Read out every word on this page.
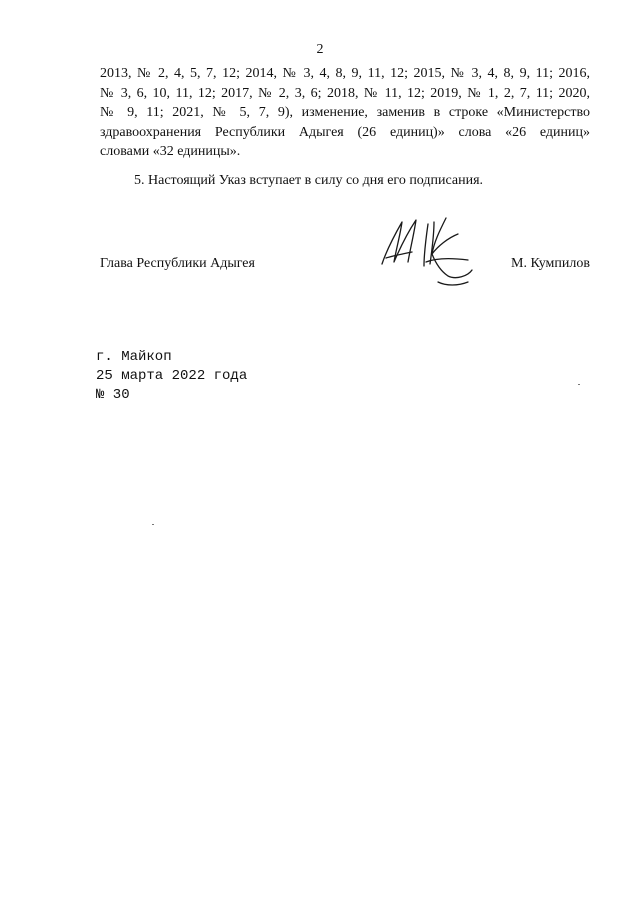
2
2013, № 2, 4, 5, 7, 12; 2014, № 3, 4, 8, 9, 11, 12; 2015, № 3, 4, 8, 9, 11; 2016,
№ 3, 6, 10, 11, 12; 2017, № 2, 3, 6; 2018, № 11, 12; 2019, № 1, 2, 7, 11; 2020,
№ 9, 11; 2021, № 5, 7, 9), изменение, заменив в строке «Министерство
здравоохранения Республики Адыгея (26 единиц)» слова «26 единиц»
словами «32 единицы».
5. Настоящий Указ вступает в силу со дня его подписания.
Глава Республики Адыгея	М. Кумпилов
г. Майкоп
25 марта 2022 года
№ 30
